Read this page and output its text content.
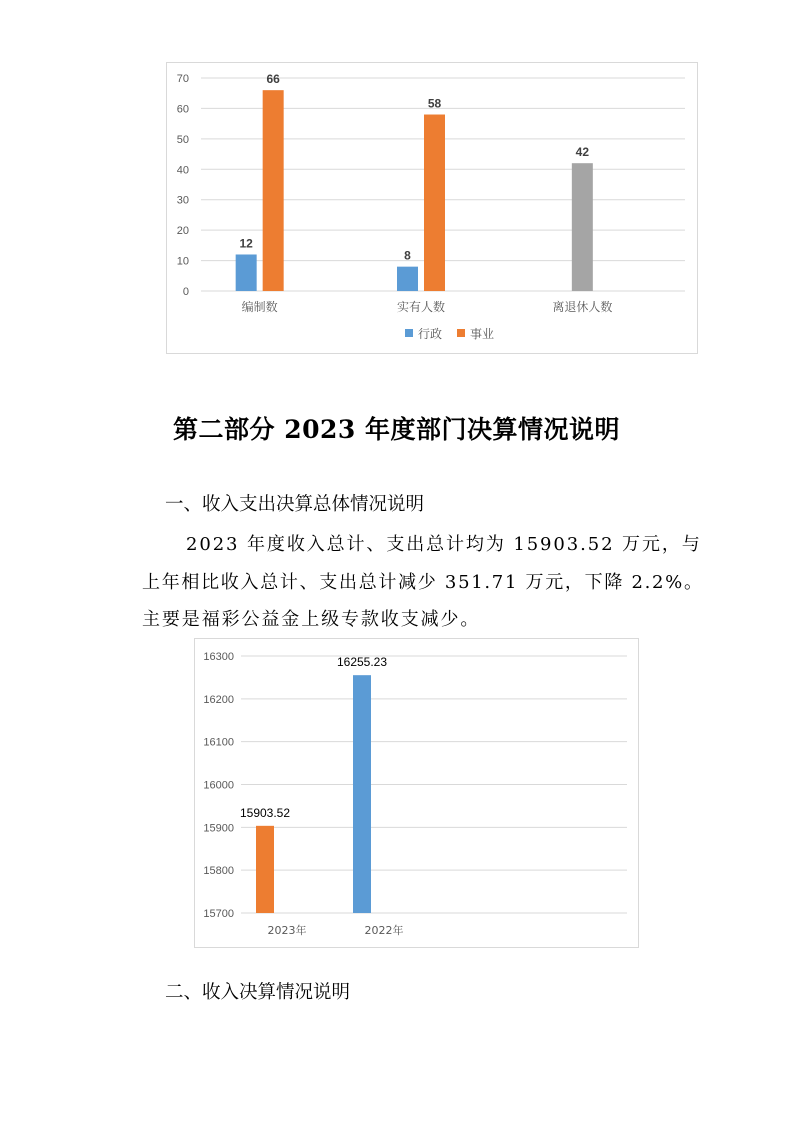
0
10
20
30
40
50
60
70
编制数
12
66
实有人数
8
58
离退休人数
42
行政 事业
第二部分 2023 年度部门决算情况说明
一、收入支出决算总体情况说明
2023 年度收入总计、支出总计均为 15903.52 万元，与
上年相比收入总计、支出总计减少 351.71 万元，下降 2.2%。
主要是福彩公益金上级专款收支减少。
15700
15800
15900
16000
16100
16200
16300
15903.52
2023年
16255.23
2022年
二、收入决算情况说明
